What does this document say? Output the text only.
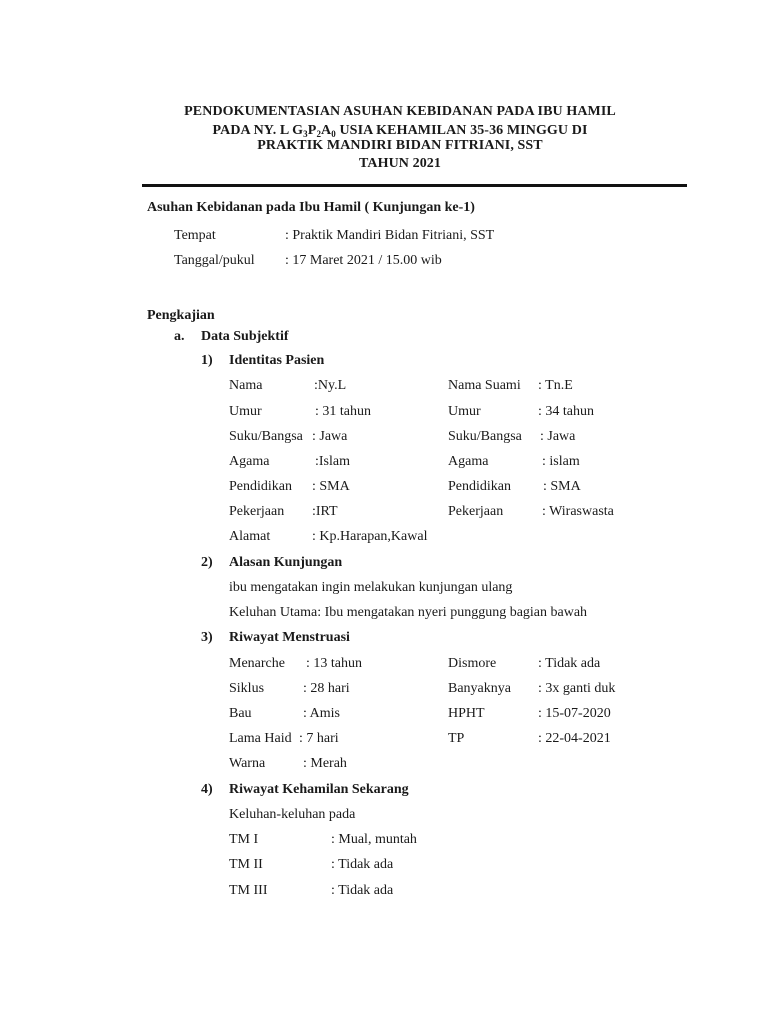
PENDOKUMENTASIAN ASUHAN KEBIDANAN PADA IBU HAMIL
PADA NY. L $G_3P_2A_0$ USIA KEHAMILAN 35-36 MINGGU DI
PRAKTIK MANDIRI BIDAN FITRIANI, SST
TAHUN 2021
Asuhan Kebidanan pada Ibu Hamil ( Kunjungan ke-1)
Tempat	: Praktik Mandiri Bidan Fitriani, SST
Tanggal/pukul : 17 Maret 2021 / 15.00 wib
Pengkajian
a. Data Subjektif
1) Identitas Pasien
Nama	:Ny.L	Nama Suami : Tn.E
Umur	: 31 tahun	Umur	: 34 tahun
Suku/Bangsa : Jawa	Suku/Bangsa : Jawa
Agama	:Islam	Agama	: islam
Pendidikan : SMA	Pendidikan : SMA
Pekerjaan :IRT	Pekerjaan	: Wiraswasta
Alamat	: Kp.Harapan,Kawal
2) Alasan Kunjungan
ibu mengatakan ingin melakukan kunjungan ulang
Keluhan Utama: Ibu mengatakan nyeri punggung bagian bawah
3) Riwayat Menstruasi
Menarche : 13 tahun	Dismore	: Tidak ada
Siklus	: 28 hari	Banyaknya : 3x ganti duk
Bau	: Amis	HPHT	: 15-07-2020
Lama Haid : 7 hari	TP	: 22-04-2021
Warna	: Merah
4) Riwayat Kehamilan Sekarang
Keluhan-keluhan pada
TM I	: Mual, muntah
TM II	: Tidak ada
TM III	: Tidak ada
